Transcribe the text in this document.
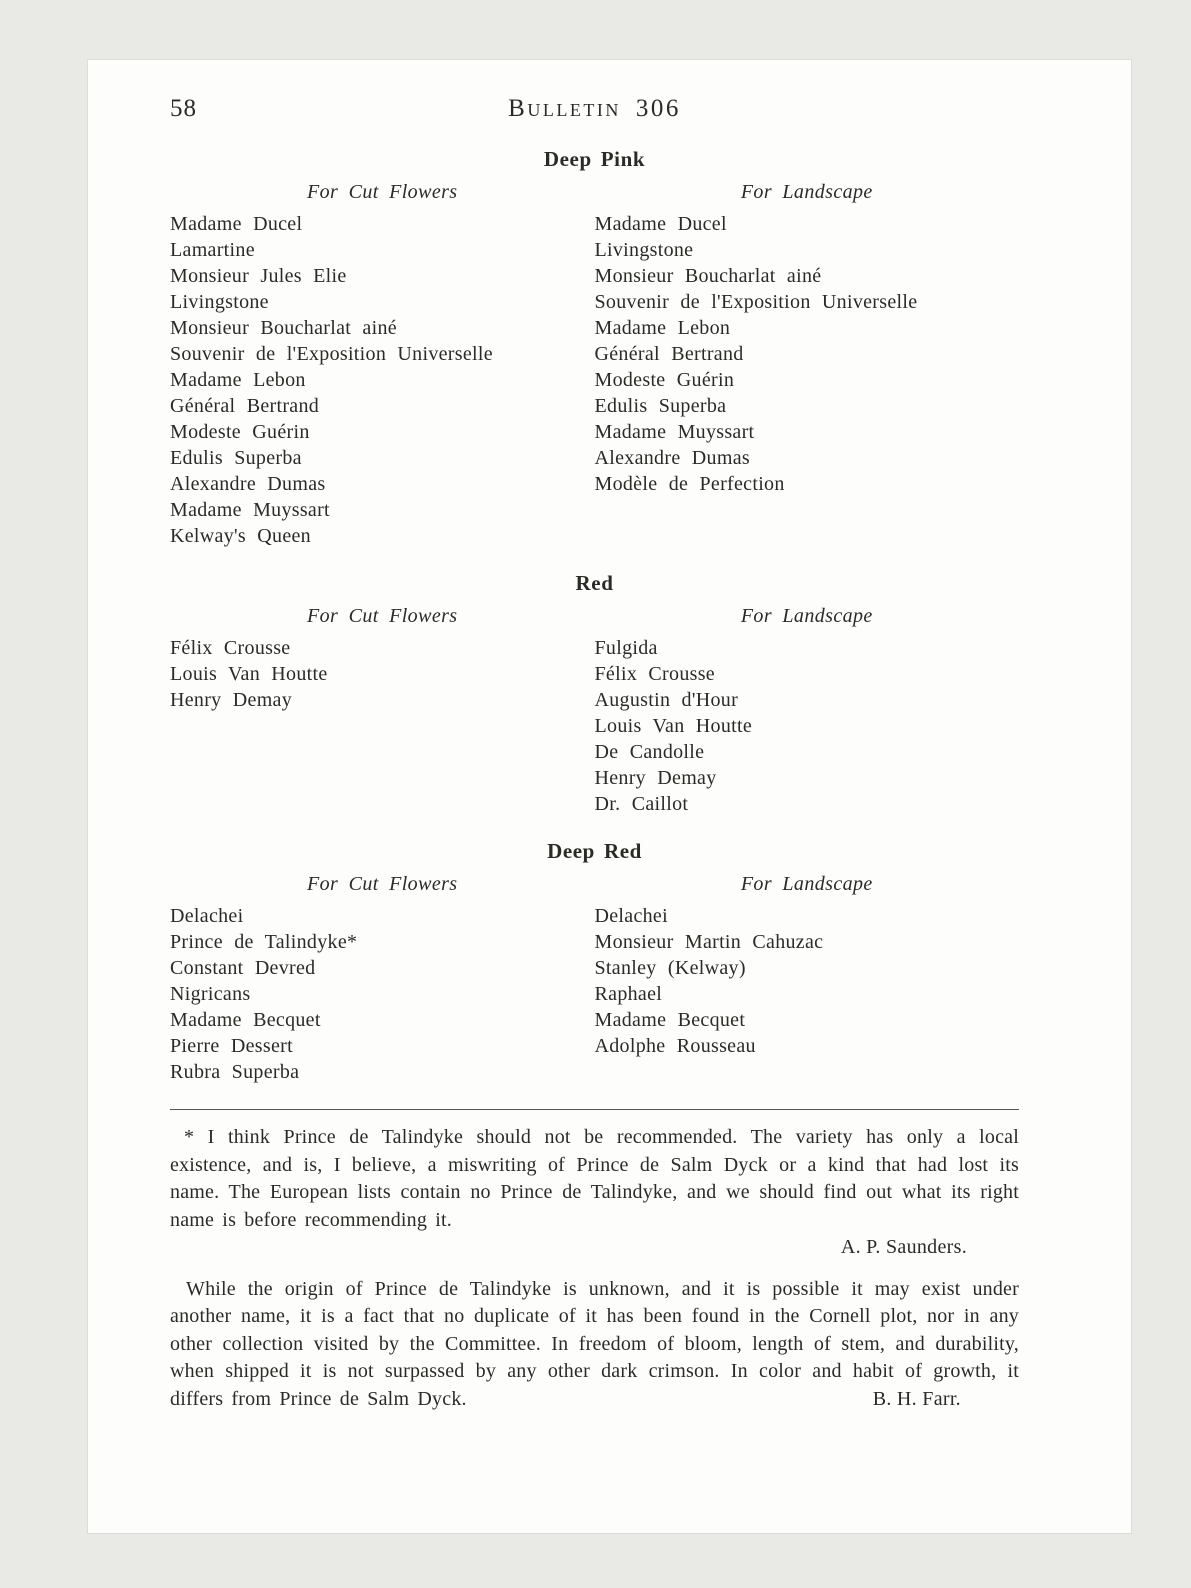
58	Bulletin 306
Deep Pink
For Cut Flowers
Madame Ducel
Lamartine
Monsieur Jules Elie
Livingstone
Monsieur Boucharlat ainé
Souvenir de l'Exposition Universelle
Madame Lebon
Général Bertrand
Modeste Guérin
Edulis Superba
Alexandre Dumas
Madame Muyssart
Kelway's Queen
For Landscape
Madame Ducel
Livingstone
Monsieur Boucharlat ainé
Souvenir de l'Exposition Universelle
Madame Lebon
Général Bertrand
Modeste Guérin
Edulis Superba
Madame Muyssart
Alexandre Dumas
Modèle de Perfection
Red
For Cut Flowers
Félix Crousse
Louis Van Houtte
Henry Demay
For Landscape
Fulgida
Félix Crousse
Augustin d'Hour
Louis Van Houtte
De Candolle
Henry Demay
Dr. Caillot
Deep Red
For Cut Flowers
Delachei
Prince de Talindyke*
Constant Devred
Nigricans
Madame Becquet
Pierre Dessert
Rubra Superba
For Landscape
Delachei
Monsieur Martin Cahuzac
Stanley (Kelway)
Raphael
Madame Becquet
Adolphe Rousseau

* I think Prince de Talindyke should not be recommended. The variety has only a local existence, and is, I believe, a miswriting of Prince de Salm Dyck or a kind that had lost its name. The European lists contain no Prince de Talindyke, and we should find out what its right name is before recommending it.

A. P. Saunders.

While the origin of Prince de Talindyke is unknown, and it is possible it may exist under another name, it is a fact that no duplicate of it has been found in the Cornell plot, nor in any other collection visited by the Committee. In freedom of bloom, length of stem, and durability, when shipped it is not surpassed by any other dark crimson. In color and habit of growth, it differs from Prince de Salm Dyck.	B. H. Farr.
